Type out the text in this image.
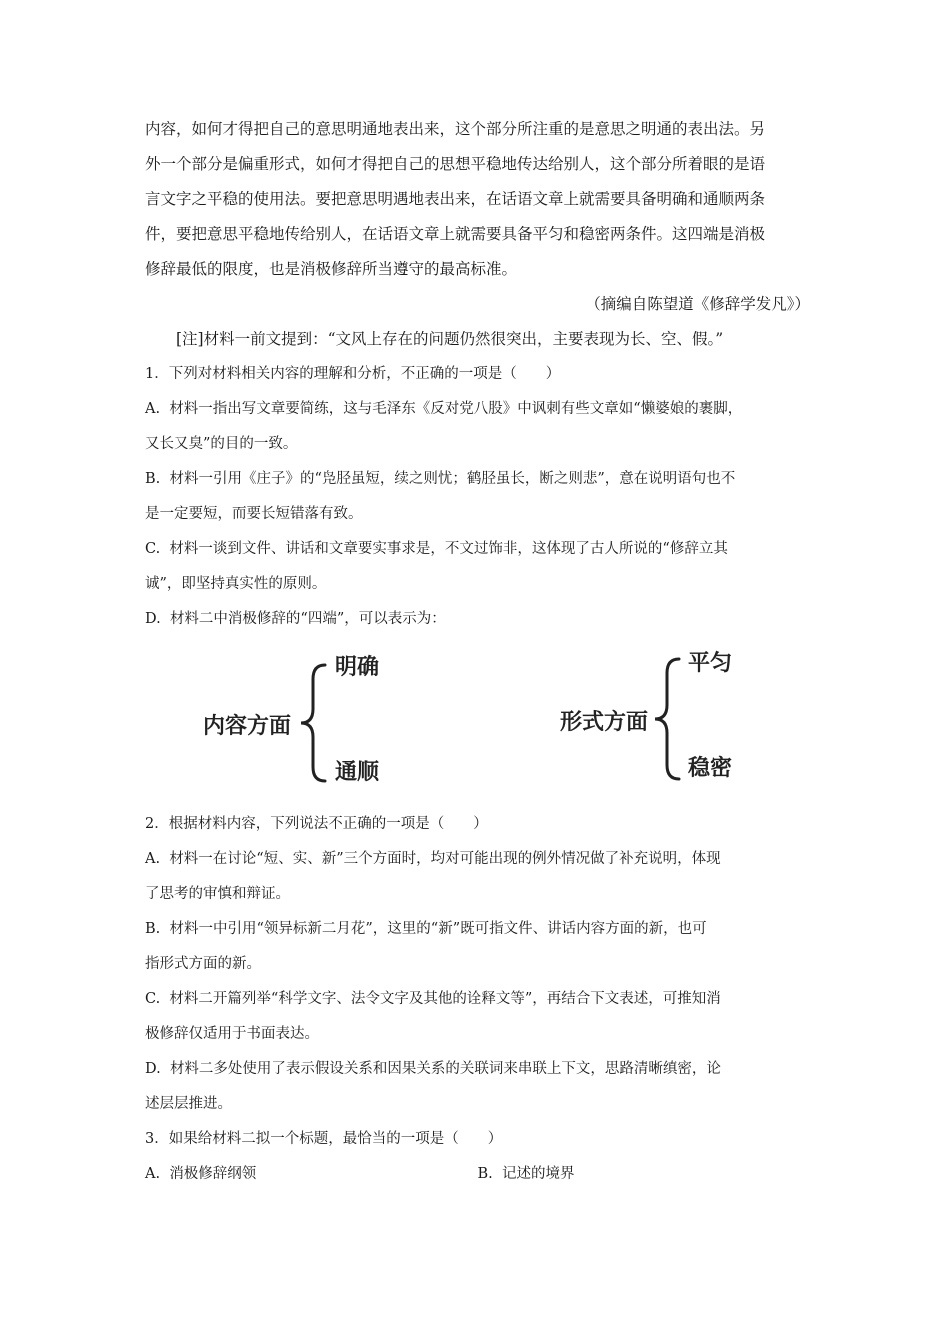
内容，如何才得把自己的意思明通地表出来，这个部分所注重的是意思之明通的表出法。另
外一个部分是偏重形式，如何才得把自己的思想平稳地传达给别人，这个部分所着眼的是语
言文字之平稳的使用法。要把意思明遇地表出来，在话语文章上就需要具备明确和通顺两条
件，要把意思平稳地传给别人，在话语文章上就需要具备平匀和稳密两条件。这四端是消极
修辞最低的限度，也是消极修辞所当遵守的最高标准。
（摘编自陈望道《修辞学发凡》）
[注]材料一前文提到：“文风上存在的问题仍然很突出，主要表现为长、空、假。”
1．下列对材料相关内容的理解和分析，不正确的一项是（　　）
A. 材料一指出写文章要简练，这与毛泽东《反对党八股》中讽刺有些文章如“懒婆娘的裹脚，
又长又臭”的目的一致。
B. 材料一引用《庄子》的“凫胫虽短，续之则忧；鹤胫虽长，断之则悲”，意在说明语句也不
是一定要短，而要长短错落有致。
C. 材料一谈到文件、讲话和文章要实事求是，不文过饰非，这体现了古人所说的“修辞立其
诚”，即坚持真实性的原则。
D. 材料二中消极修辞的“四端”，可以表示为：
内容方面
明确
通顺
形式方面
平匀
稳密
2．根据材料内容，下列说法不正确的一项是（　　）
A. 材料一在讨论“短、实、新”三个方面时，均对可能出现的例外情况做了补充说明，体现
了思考的审慎和辩证。
B. 材料一中引用“领异标新二月花”，这里的“新”既可指文件、讲话内容方面的新，也可
指形式方面的新。
C. 材料二开篇列举“科学文字、法令文字及其他的诠释文等”，再结合下文表述，可推知消
极修辞仅适用于书面表达。
D. 材料二多处使用了表示假设关系和因果关系的关联词来串联上下文，思路清晰缜密，论
述层层推进。
3．如果给材料二拟一个标题，最恰当的一项是（　　）
A. 消极修辞纲领	B. 记述的境界
